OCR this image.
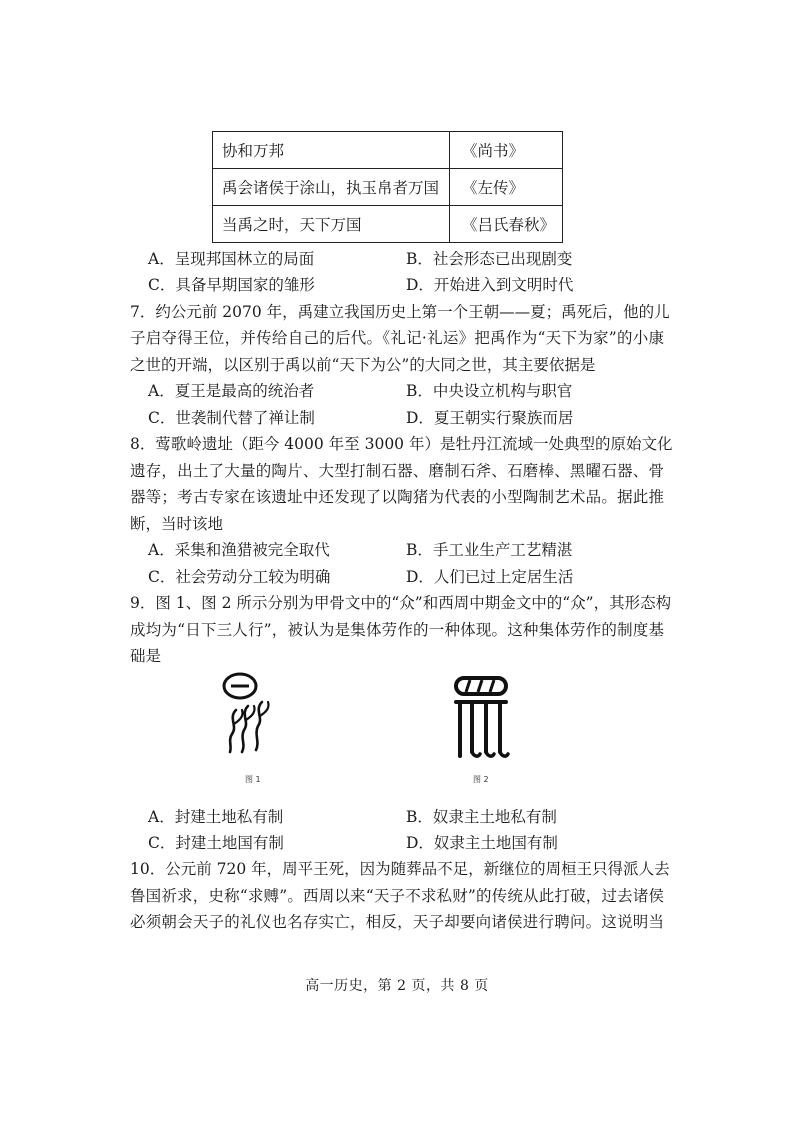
协和万邦	《尚书》
禹会诸侯于涂山，执玉帛者万国	《左传》
当禹之时，天下万国	《吕氏春秋》
A．呈现邦国林立的局面	B．社会形态已出现剧变
C．具备早期国家的雏形	D．开始进入到文明时代
7．约公元前 2070 年，禹建立我国历史上第一个王朝——夏；禹死后，他的儿
子启夺得王位，并传给自己的后代。《礼记·礼运》把禹作为“天下为家”的小康
之世的开端，以区别于禹以前“天下为公”的大同之世，其主要依据是
A．夏王是最高的统治者	B．中央设立机构与职官
C．世袭制代替了禅让制	D．夏王朝实行聚族而居
8．莺歌岭遗址（距今 4000 年至 3000 年）是牡丹江流域一处典型的原始文化
遗存，出土了大量的陶片、大型打制石器、磨制石斧、石磨棒、黑曜石器、骨
器等；考古专家在该遗址中还发现了以陶猪为代表的小型陶制艺术品。据此推
断，当时该地
A．采集和渔猎被完全取代	B．手工业生产工艺精湛
C．社会劳动分工较为明确	D．人们已过上定居生活
9．图 1、图 2 所示分别为甲骨文中的“众”和西周中期金文中的“众”，其形态构
成均为“日下三人行”，被认为是集体劳作的一种体现。这种集体劳作的制度基
础是
图 1	图 2
A．封建土地私有制	B．奴隶主土地私有制
C．封建土地国有制	D．奴隶主土地国有制
10．公元前 720 年，周平王死，因为随葬品不足，新继位的周桓王只得派人去
鲁国祈求，史称“求赙”。西周以来“天子不求私财”的传统从此打破，过去诸侯
必须朝会天子的礼仪也名存实亡，相反，天子却要向诸侯进行聘问。这说明当
高一历史，第 2 页，共 8 页
